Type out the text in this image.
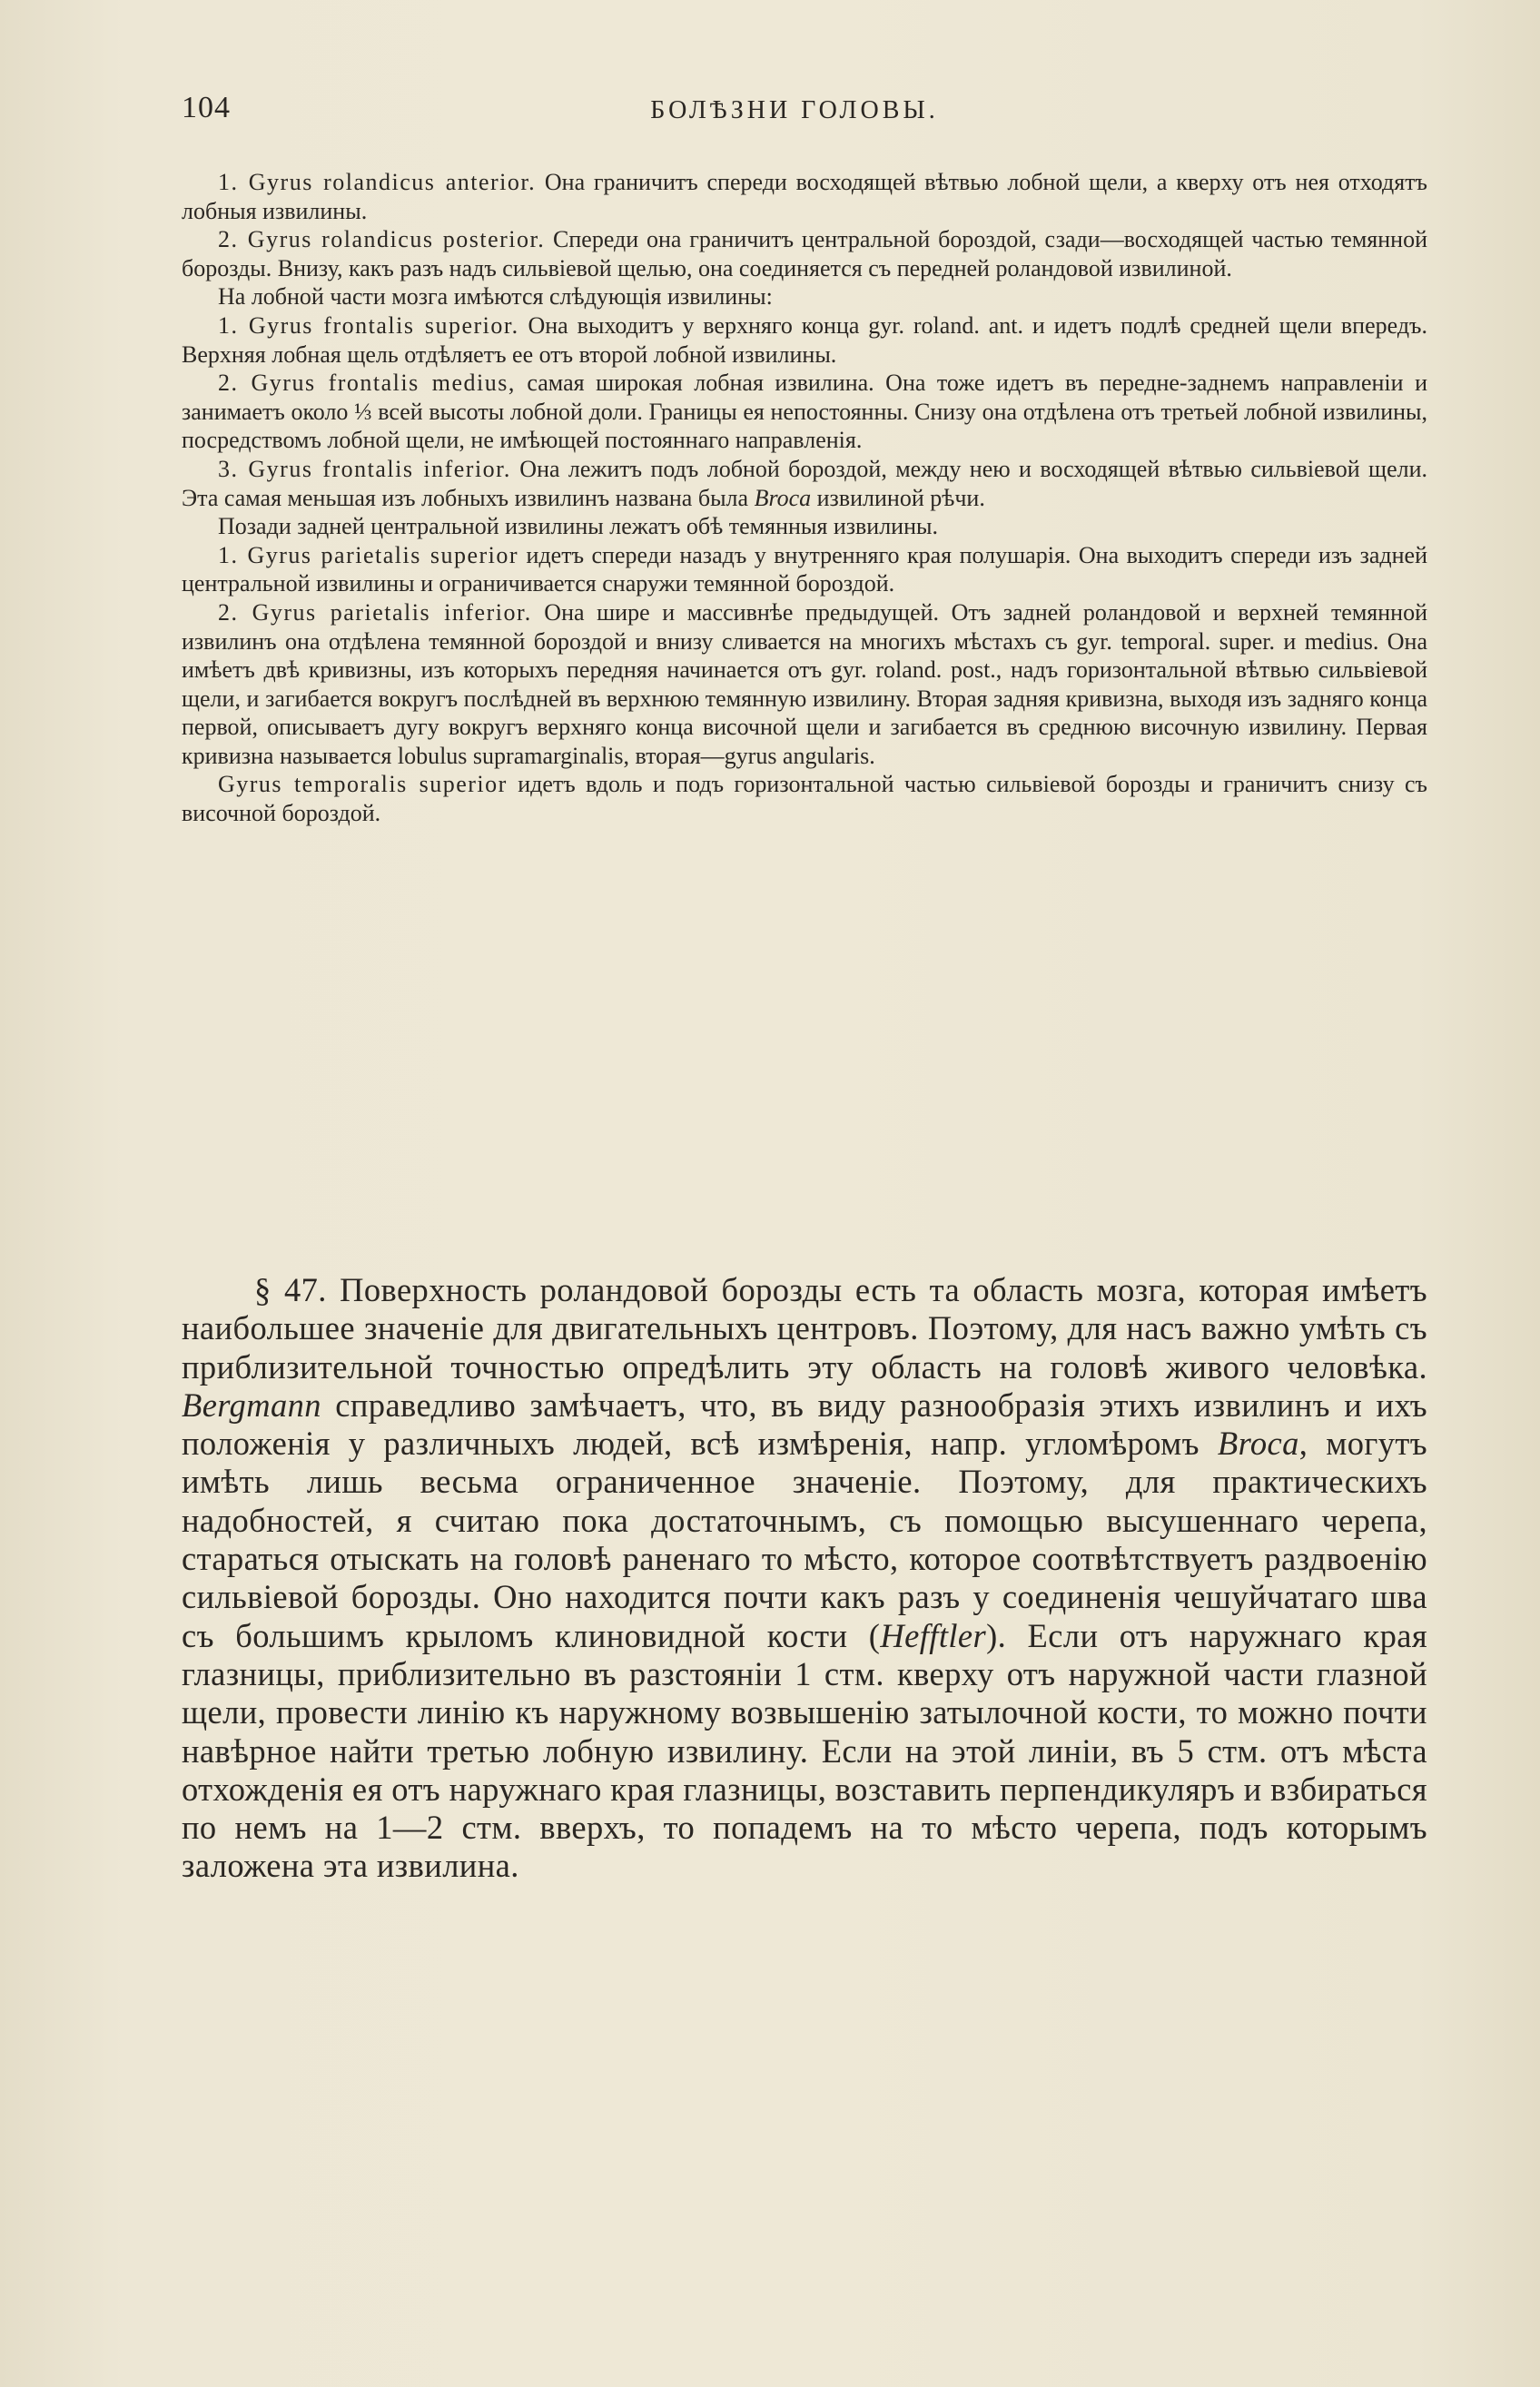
104	БОЛѢЗНИ ГОЛОВЫ.

1. Gyrus rolandicus anterior. Она граничитъ спереди восходящей вѣтвью лобной щели, а кверху отъ нея отходятъ лобныя извилины.

2. Gyrus rolandicus posterior. Спереди она граничитъ центральной бороздой, сзади—восходящей частью темянной борозды. Внизу, какъ разъ надъ сильвіевой щелью, она соединяется съ передней роландовой извилиной.

На лобной части мозга имѣются слѣдующія извилины:

1. Gyrus frontalis superior. Она выходитъ у верхняго конца gyr. roland. ant. и идетъ подлѣ средней щели впередъ. Верхняя лобная щель отдѣляетъ ее отъ второй лобной извилины.

2. Gyrus frontalis medius, самая широкая лобная извилина. Она тоже идетъ въ передне-заднемъ направленіи и занимаетъ около ⅓ всей высоты лобной доли. Границы ея непостоянны. Снизу она отдѣлена отъ третьей лобной извилины, посредствомъ лобной щели, не имѣющей постояннаго направленія.

3. Gyrus frontalis inferior. Она лежитъ подъ лобной бороздой, между нею и восходящей вѣтвью сильвіевой щели. Эта самая меньшая изъ лобныхъ извилинъ названа была Broca извилиной рѣчи.

Позади задней центральной извилины лежатъ обѣ темянныя извилины.

1. Gyrus parietalis superior идетъ спереди назадъ у внутренняго края полушарія. Она выходитъ спереди изъ задней центральной извилины и ограничивается снаружи темянной бороздой.

2. Gyrus parietalis inferior. Она шире и массивнѣе предыдущей. Отъ задней роландовой и верхней темянной извилинъ она отдѣлена темянной бороздой и внизу сливается на многихъ мѣстахъ съ gyr. temporal. super. и medius. Она имѣетъ двѣ кривизны, изъ которыхъ передняя начинается отъ gyr. roland. post., надъ горизонтальной вѣтвью сильвіевой щели, и загибается вокругъ послѣдней въ верхнюю темянную извилину. Вторая задняя кривизна, выходя изъ задняго конца первой, описываетъ дугу вокругъ верхняго конца височной щели и загибается въ среднюю височную извилину. Первая кривизна называется lobulus supramarginalis, вторая—gyrus angularis.

Gyrus temporalis superior идетъ вдоль и подъ горизонтальной частью сильвіевой борозды и граничитъ снизу съ височной бороздой.

§ 47. Поверхность роландовой борозды есть та область мозга, которая имѣетъ наибольшее значеніе для двигательныхъ центровъ. Поэтому, для насъ важно умѣть съ приблизительной точностью опредѣлить эту область на головѣ живого человѣка. Bergmann справедливо замѣчаетъ, что, въ виду разнообразія этихъ извилинъ и ихъ положенія у различныхъ людей, всѣ измѣренія, напр. угломѣромъ Broca, могутъ имѣть лишь весьма ограниченное значеніе. Поэтому, для практическихъ надобностей, я считаю пока достаточнымъ, съ помощью высушеннаго черепа, стараться отыскать на головѣ раненаго то мѣсто, которое соотвѣтствуетъ раздвоенію сильвіевой борозды. Оно находится почти какъ разъ у соединенія чешуйчатаго шва съ большимъ крыломъ клиновидной кости (Hefftler). Если отъ наружнаго края глазницы, приблизительно въ разстояніи 1 стм. кверху отъ наружной части глазной щели, провести линію къ наружному возвышенію затылочной кости, то можно почти навѣрное найти третью лобную извилину. Если на этой линіи, въ 5 стм. отъ мѣста отхожденія ея отъ наружнаго края глазницы, возставить перпендикуляръ и взбираться по немъ на 1—2 стм. вверхъ, то попадемъ на то мѣсто черепа, подъ которымъ заложена эта извилина.
